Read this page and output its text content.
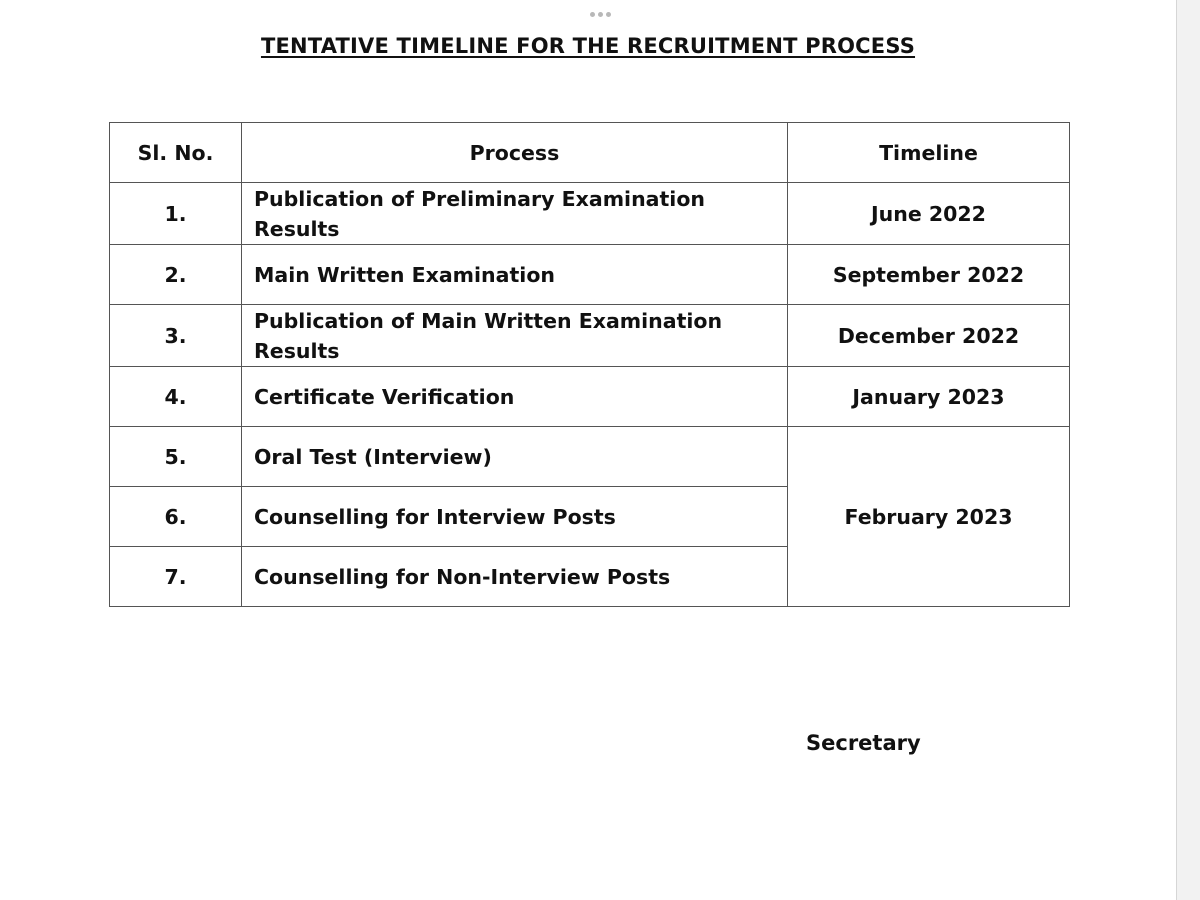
TENTATIVE TIMELINE FOR THE RECRUITMENT PROCESS
Sl. No.	Process	Timeline
1.	Publication of Preliminary Examination Results	June 2022
2.	Main Written Examination	September 2022
3.	Publication of Main Written Examination Results	December 2022
4.	Certificate Verification	January 2023
5.	Oral Test (Interview)	February 2023
6.	Counselling for Interview Posts	
7.	Counselling for Non-Interview Posts	
Secretary
